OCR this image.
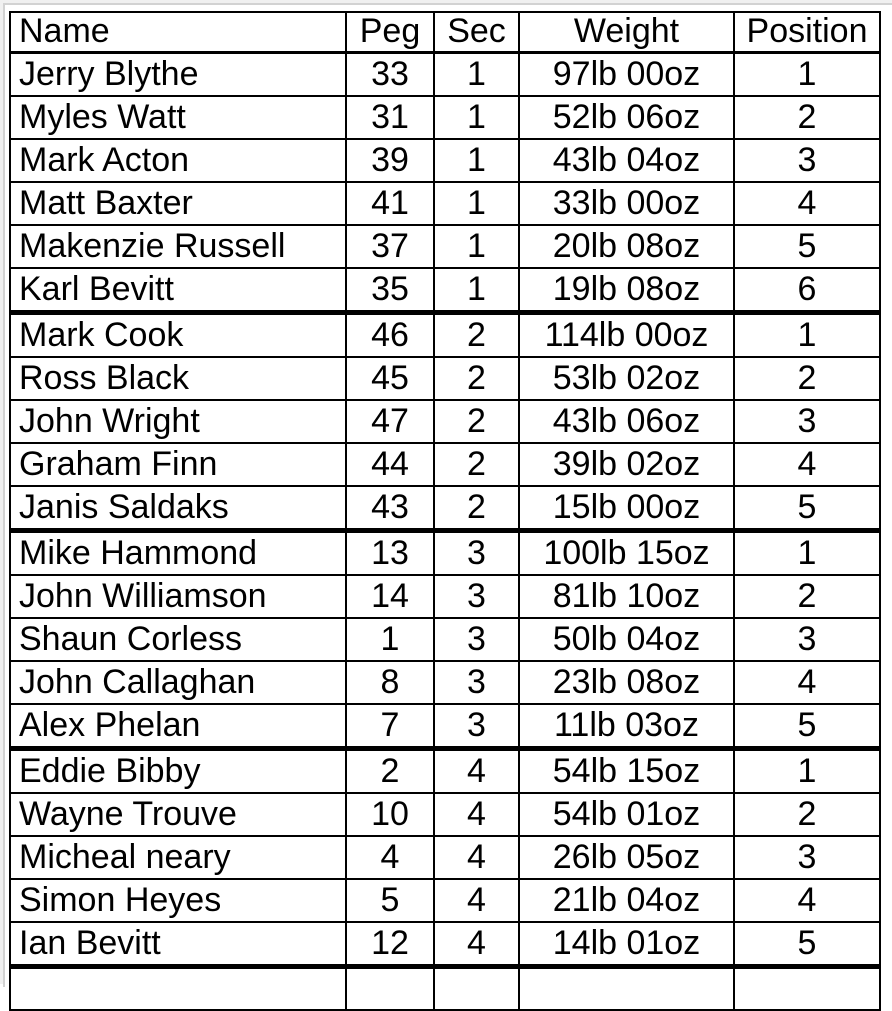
Name	Peg	Sec	Weight	Position
Jerry Blythe	33	1	97lb 00oz	1
Myles Watt	31	1	52lb 06oz	2
Mark Acton	39	1	43lb 04oz	3
Matt Baxter	41	1	33lb 00oz	4
Makenzie Russell	37	1	20lb 08oz	5
Karl Bevitt	35	1	19lb 08oz	6
Mark Cook	46	2	114lb 00oz	1
Ross Black	45	2	53lb 02oz	2
John Wright	47	2	43lb 06oz	3
Graham Finn	44	2	39lb 02oz	4
Janis Saldaks	43	2	15lb 00oz	5
Mike Hammond	13	3	100lb 15oz	1
John Williamson	14	3	81lb 10oz	2
Shaun Corless	1	3	50lb 04oz	3
John Callaghan	8	3	23lb 08oz	4
Alex Phelan	7	3	11lb 03oz	5
Eddie Bibby	2	4	54lb 15oz	1
Wayne Trouve	10	4	54lb 01oz	2
Micheal neary	4	4	26lb 05oz	3
Simon Heyes	5	4	21lb 04oz	4
Ian Bevitt	12	4	14lb 01oz	5
